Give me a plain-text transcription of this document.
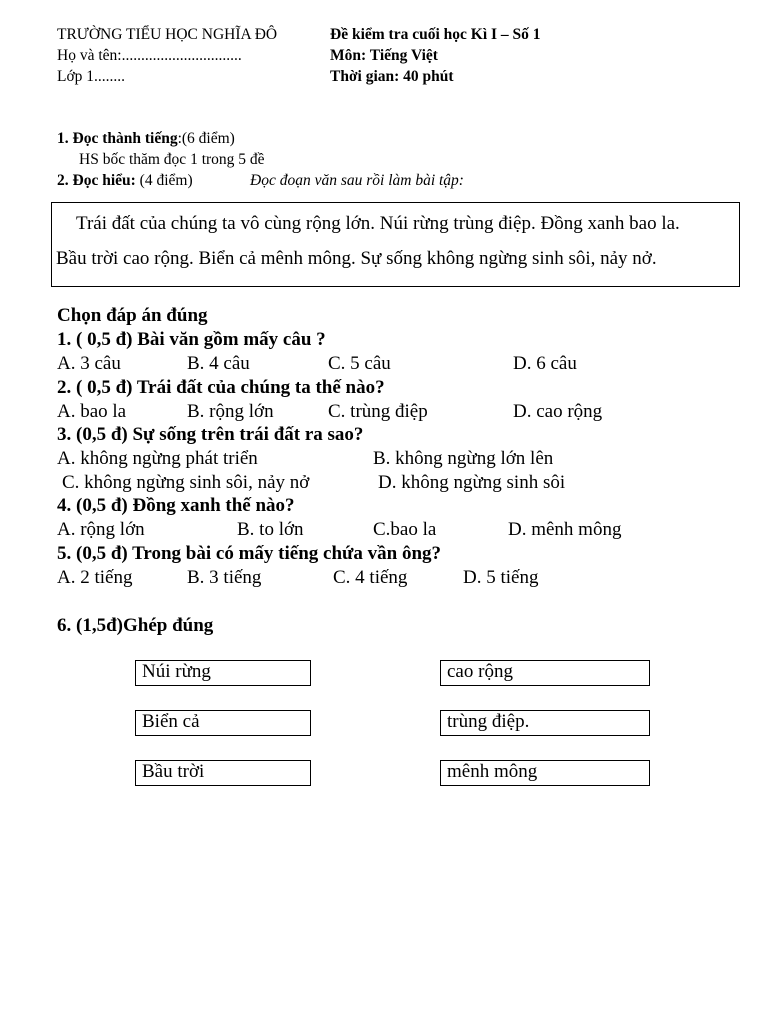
TRƯỜNG TIỂU HỌC NGHĨA ĐÔ
Họ và tên:...............................
Lớp 1........
Đề kiểm tra cuối học Kì I – Số 1
Môn: Tiếng Việt
Thời gian: 40 phút
1. Đọc thành tiếng:(6 điểm)
HS bốc thăm đọc 1 trong 5 đề
2. Đọc hiểu: (4 điểm)	Đọc đoạn văn sau rồi làm bài tập:
Trái đất của chúng ta vô cùng rộng lớn. Núi rừng trùng điệp. Đồng xanh bao la.
Bầu trời cao rộng. Biển cả mênh mông. Sự sống không ngừng sinh sôi, nảy nở.
Chọn đáp án đúng
1. ( 0,5 đ) Bài văn gồm mấy câu ?
A. 3 câu	B. 4 câu	C. 5 câu	D. 6 câu
2. ( 0,5 đ) Trái đất của chúng ta thế nào?
A. bao la	B. rộng lớn	C. trùng điệp	D. cao rộng
3. (0,5 đ) Sự sống trên trái đất ra sao?
A. không ngừng phát triển	B. không ngừng lớn lên
C. không ngừng sinh sôi, nảy nở	D. không ngừng sinh sôi
4. (0,5 đ) Đồng xanh thế nào?
A. rộng lớn	B. to lớn	C.bao la	D. mênh mông
5. (0,5 đ) Trong bài có mấy tiếng chứa vần ông?
A. 2 tiếng	B. 3 tiếng	C. 4 tiếng	D. 5 tiếng
6. (1,5đ)Ghép đúng
Núi rừng
Biển cả
Bầu trời
cao rộng
trùng điệp.
mênh mông
